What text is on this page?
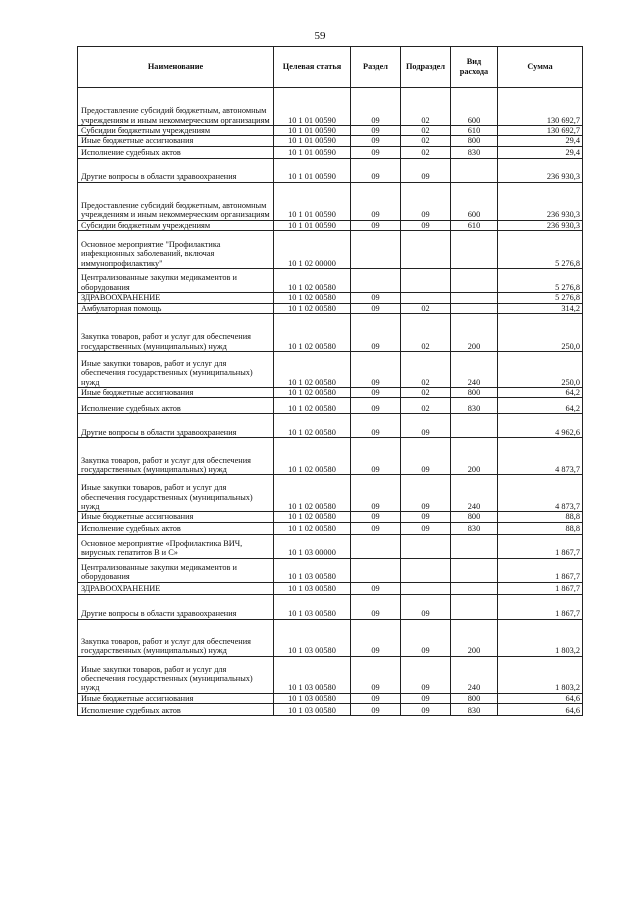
59
Наименование	Целевая статья	Раздел	Подраздел	Вид расхода	Сумма
Предоставление субсидий бюджетным, автономным учреждениям и иным некоммерческим организациям	10 1 01 00590	09	02	600	130 692,7
Субсидии бюджетным учреждениям	10 1 01 00590	09	02	610	130 692,7
Иные бюджетные ассигнования	10 1 01 00590	09	02	800	29,4
Исполнение судебных актов	10 1 01 00590	09	02	830	29,4
Другие вопросы в области здравоохранения	10 1 01 00590	09	09		236 930,3
Предоставление субсидий бюджетным, автономным учреждениям и иным некоммерческим организациям	10 1 01 00590	09	09	600	236 930,3
Субсидии бюджетным учреждениям	10 1 01 00590	09	09	610	236 930,3
Основное мероприятие "Профилактика инфекционных заболеваний, включая иммунопрофилактику"	10 1 02 00000				5 276,8
Централизованные закупки медикаментов и оборудования	10 1 02 00580				5 276,8
ЗДРАВООХРАНЕНИЕ	10 1 02 00580	09			5 276,8
Амбулаторная помощь	10 1 02 00580	09	02		314,2
Закупка товаров, работ и услуг для обеспечения государственных (муниципальных) нужд	10 1 02 00580	09	02	200	250,0
Иные закупки товаров, работ и услуг для обеспечения государственных (муниципальных) нужд	10 1 02 00580	09	02	240	250,0
Иные бюджетные ассигнования	10 1 02 00580	09	02	800	64,2
Исполнение судебных актов	10 1 02 00580	09	02	830	64,2
Другие вопросы в области здравоохранения	10 1 02 00580	09	09		4 962,6
Закупка товаров, работ и услуг для обеспечения государственных (муниципальных) нужд	10 1 02 00580	09	09	200	4 873,7
Иные закупки товаров, работ и услуг для обеспечения государственных (муниципальных) нужд	10 1 02 00580	09	09	240	4 873,7
Иные бюджетные ассигнования	10 1 02 00580	09	09	800	88,8
Исполнение судебных актов	10 1 02 00580	09	09	830	88,8
Основное мероприятие «Профилактика ВИЧ, вирусных гепатитов В и С»	10 1 03 00000				1 867,7
Централизованные закупки медикаментов и оборудования	10 1 03 00580				1 867,7
ЗДРАВООХРАНЕНИЕ	10 1 03 00580	09			1 867,7
Другие вопросы в области здравоохранения	10 1 03 00580	09	09		1 867,7
Закупка товаров, работ и услуг для обеспечения государственных (муниципальных) нужд	10 1 03 00580	09	09	200	1 803,2
Иные закупки товаров, работ и услуг для обеспечения государственных (муниципальных) нужд	10 1 03 00580	09	09	240	1 803,2
Иные бюджетные ассигнования	10 1 03 00580	09	09	800	64,6
Исполнение судебных актов	10 1 03 00580	09	09	830	64,6
